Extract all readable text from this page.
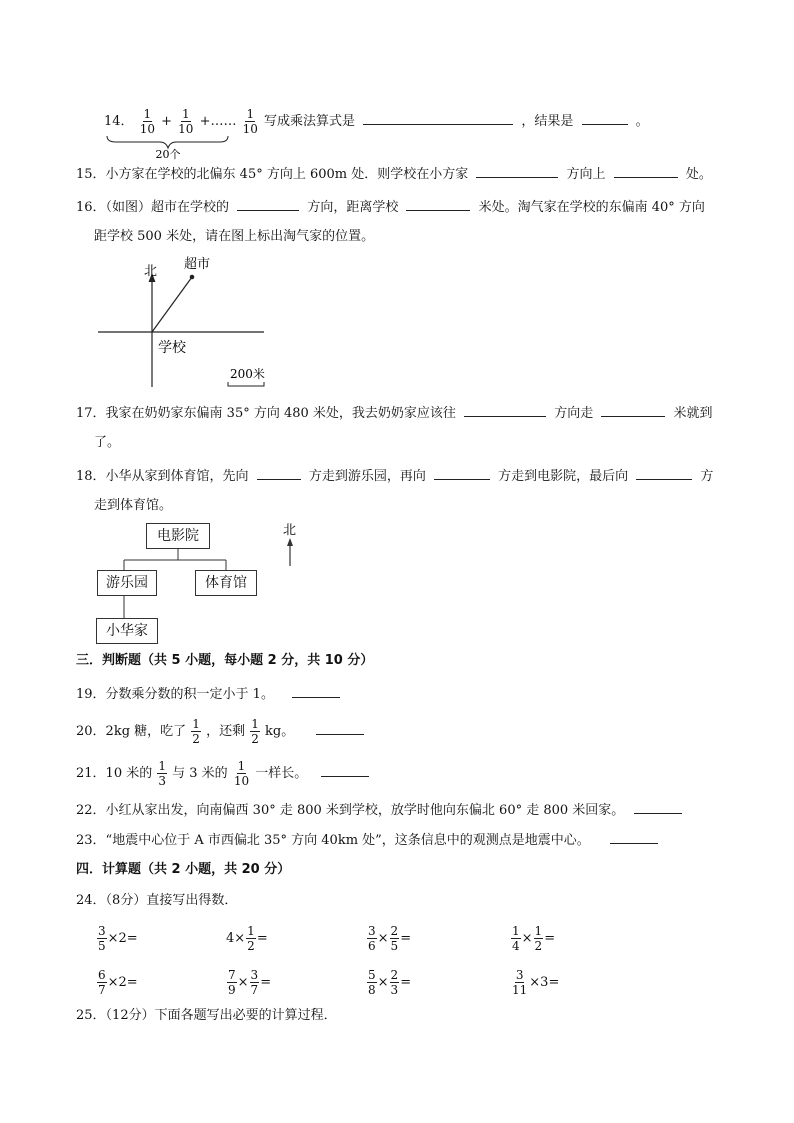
14． $\frac{1}{10} + \frac{1}{10}$ +…… $\frac{1}{10}$ 写成乘法算式是	，结果是	。
20个
15．小方家在学校的北偏东 45° 方向上 600m 处．则学校在小方家	方向上	处。
16．（如图）超市在学校的	方向，距离学校	米处。淘气家在学校的东偏南 40° 方向
距学校 500 米处，请在图上标出淘气家的位置。
北 超市
学校
200米
17．我家在奶奶家东偏南 35° 方向 480 米处，我去奶奶家应该往	方向走	米就到
了。
18．小华从家到体育馆，先向	方走到游乐园，再向	方走到电影院，最后向	方
走到体育馆。
北
电影院
游乐园	体育馆
小华家
三．判断题（共 5 小题，每小题 2 分，共 10 分）
19．分数乘分数的积一定小于 1。
20．2kg 糖，吃了 $\frac{1}{2}$ ，还剩 $\frac{1}{2}$ kg。
21．10 米的 $\frac{1}{3}$ 与 3 米的 $\frac{1}{10}$ 一样长。
22．小红从家出发，向南偏西 30° 走 800 米到学校，放学时他向东偏北 60° 走 800 米回家。
23．“地震中心位于 A 市西偏北 35° 方向 40km 处”，这条信息中的观测点是地震中心。
四．计算题（共 2 小题，共 20 分）
24．（8分）直接写出得数．
$\frac{3}{5} \times 2=$	$4\times \frac{1}{2}$ =	$\frac{3}{6} \times \frac{2}{5}$ =	$\frac{1}{4} \times \frac{1}{2}$ =
$\frac{6}{7} \times 2=$	$\frac{7}{9} \times \frac{3}{7}$ =	$\frac{5}{8} \times \frac{2}{3}$ =	$\frac{3}{11} \times 3=$
25．（12分）下面各题写出必要的计算过程．
